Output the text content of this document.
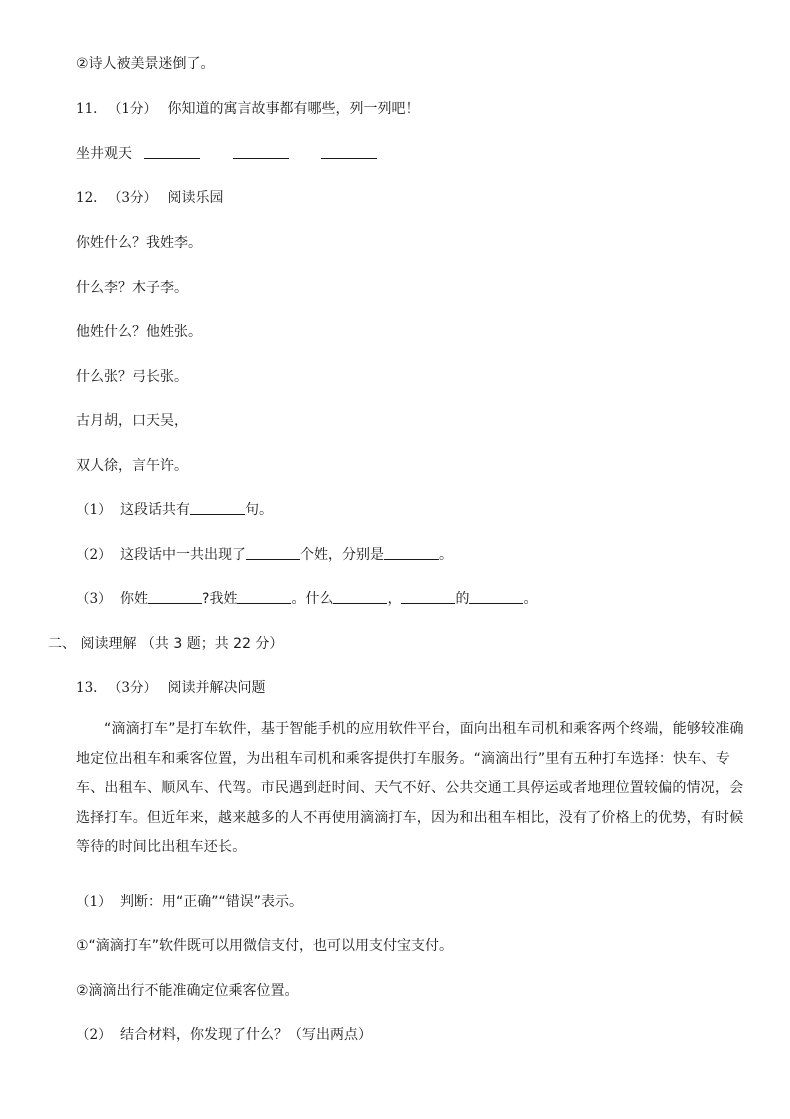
②诗人被美景迷倒了。
11. （1分） 你知道的寓言故事都有哪些，列一列吧！
坐井观天
12. （3分） 阅读乐园
你姓什么？我姓李。
什么李？木子李。
他姓什么？他姓张。
什么张？弓长张。
古月胡，口天吴，
双人徐，言午许。
（1） 这段话共有	句。
（2） 这段话中一共出现了	个姓，分别是	。
（3） 你姓	?我姓	。什么	，	的	。
二、 阅读理解 （共 3 题；共 22 分）
13. （3分） 阅读并解决问题
“滴滴打车”是打车软件，基于智能手机的应用软件平台，面向出租车司机和乘客两个终端，能够较准确地定位出租车和乘客位置，为出租车司机和乘客提供打车服务。“滴滴出行”里有五种打车选择：快车、专车、出租车、顺风车、代驾。市民遇到赶时间、天气不好、公共交通工具停运或者地理位置较偏的情况，会选择打车。但近年来，越来越多的人不再使用滴滴打车，因为和出租车相比，没有了价格上的优势，有时候等待的时间比出租车还长。
（1） 判断：用“正确”“错误”表示。
①“滴滴打车”软件既可以用微信支付，也可以用支付宝支付。
②滴滴出行不能准确定位乘客位置。
（2） 结合材料，你发现了什么？（写出两点）
